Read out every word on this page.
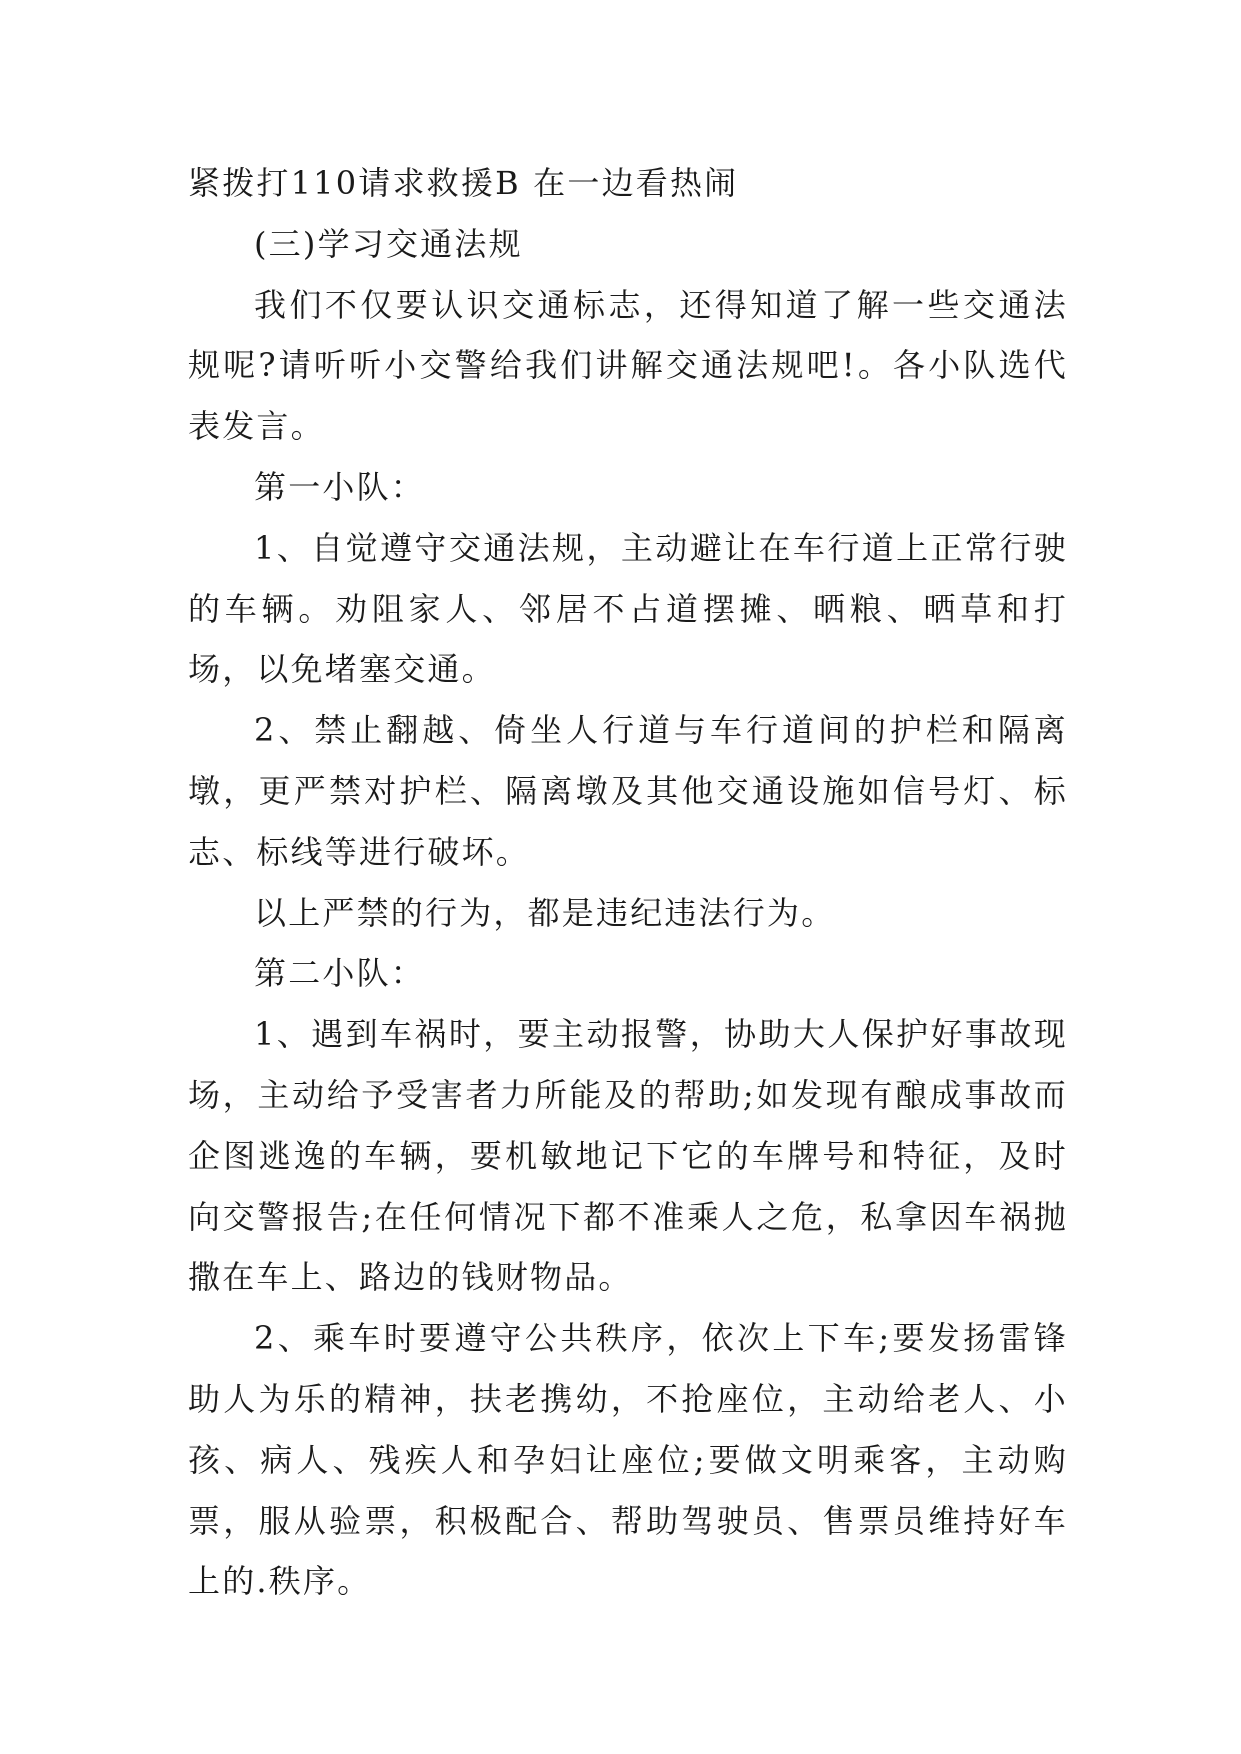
紧拨打110请求救援B 在一边看热闹

(三)学习交通法规

我们不仅要认识交通标志，还得知道了解一些交通法规呢?请听听小交警给我们讲解交通法规吧!。各小队选代表发言。

第一小队：

1、自觉遵守交通法规，主动避让在车行道上正常行驶的车辆。劝阻家人、邻居不占道摆摊、晒粮、晒草和打场，以免堵塞交通。

2、禁止翻越、倚坐人行道与车行道间的护栏和隔离墩，更严禁对护栏、隔离墩及其他交通设施如信号灯、标志、标线等进行破坏。

以上严禁的行为，都是违纪违法行为。

第二小队：

1、遇到车祸时，要主动报警，协助大人保护好事故现场，主动给予受害者力所能及的帮助;如发现有酿成事故而企图逃逸的车辆，要机敏地记下它的车牌号和特征，及时向交警报告;在任何情况下都不准乘人之危，私拿因车祸抛撒在车上、路边的钱财物品。

2、乘车时要遵守公共秩序，依次上下车;要发扬雷锋助人为乐的精神，扶老携幼，不抢座位，主动给老人、小孩、病人、残疾人和孕妇让座位;要做文明乘客，主动购票，服从验票，积极配合、帮助驾驶员、售票员维持好车上的.秩序。
